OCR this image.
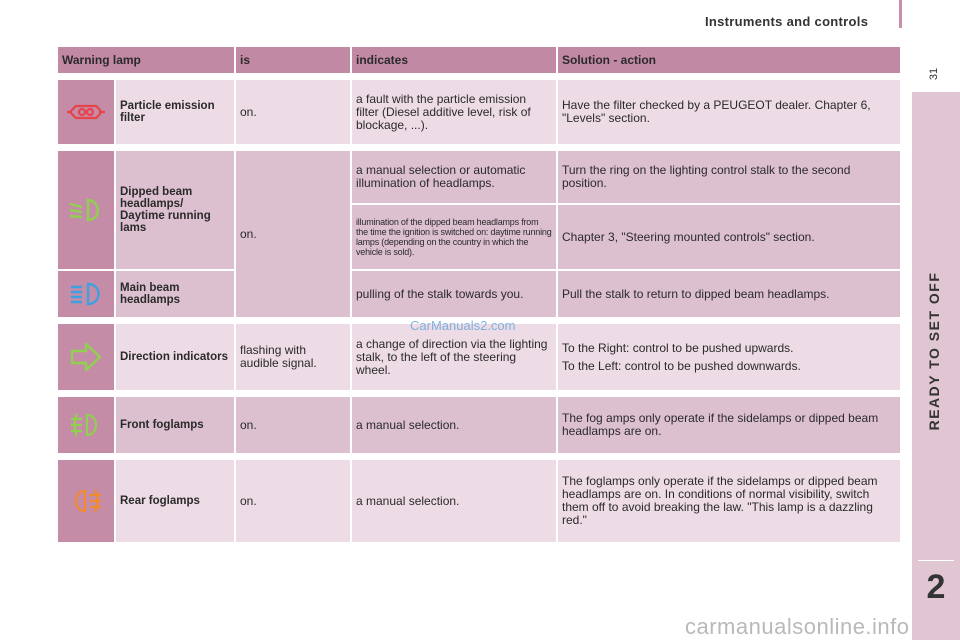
Instruments and controls
31
READY TO SET OFF
2
Warning lamp		is	indicates	Solution - action

	Particle emission filter	on.	a fault with the particle emission filter (Diesel additive level, risk of blockage, ...).	Have the filter checked by a PEUGEOT dealer. Chapter 6, "Levels" section.

	Dipped beam headlamps/ Daytime running lams	on.	a manual selection or automatic illumination of headlamps.	Turn the ring on the lighting control stalk to the second position.
			illumination of the dipped beam headlamps from the time the ignition is switched on: daytime running lamps (depending on the country in which the vehicle is sold).	Chapter 3, "Steering mounted controls" section.

	Main beam headlamps		pulling of the stalk towards you.	Pull the stalk to return to dipped beam headlamps.

	Direction indicators	flashing with audible signal.	a change of direction via the lighting stalk, to the left of the steering wheel.	To the Right: control to be pushed upwards.
To the Left: control to be pushed downwards.

	Front foglamps	on.	a manual selection.	The fog amps only operate if the sidelamps or dipped beam headlamps are on.

	Rear foglamps	on.	a manual selection.	The foglamps only operate if the sidelamps or dipped beam headlamps are on. In conditions of normal visibility, switch them off to avoid breaking the law. "This lamp is a dazzling red."
CarManuals2.com
carmanualsonline.info
